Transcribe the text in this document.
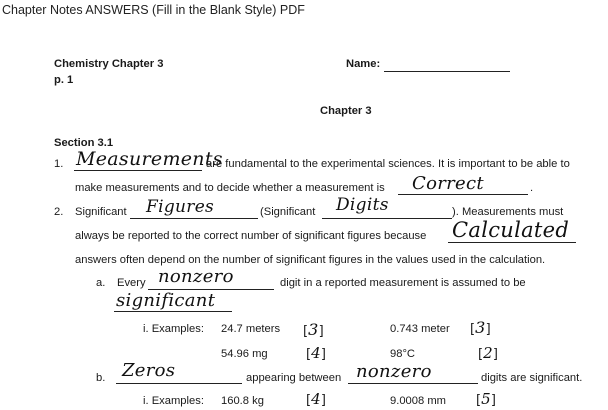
Chapter Notes ANSWERS (Fill in the Blank Style) PDF
Chemistry Chapter 3
p. 1
Name:
Chapter 3
Section 3.1
1. Measurements
are fundamental to the experimental sciences. It is important to be able to
make measurements and to decide whether a measurement is Correct	.
2. Significant Figures	(Significant Digits	). Measurements must
always be reported to the correct number of significant figures because Calculated
answers often depend on the number of significant figures in the values used in the calculation.
a. Every nonzero	digit in a reported measurement is assumed to be
significant
i. Examples: 24.7 meters [3]	0.743 meter [3]
54.96 mg	[4]	98°C	[2]
b. Zeros	appearing between nonzero	digits are significant.
i. Examples: 160.8 kg	[4]	9.0008 mm [5]
